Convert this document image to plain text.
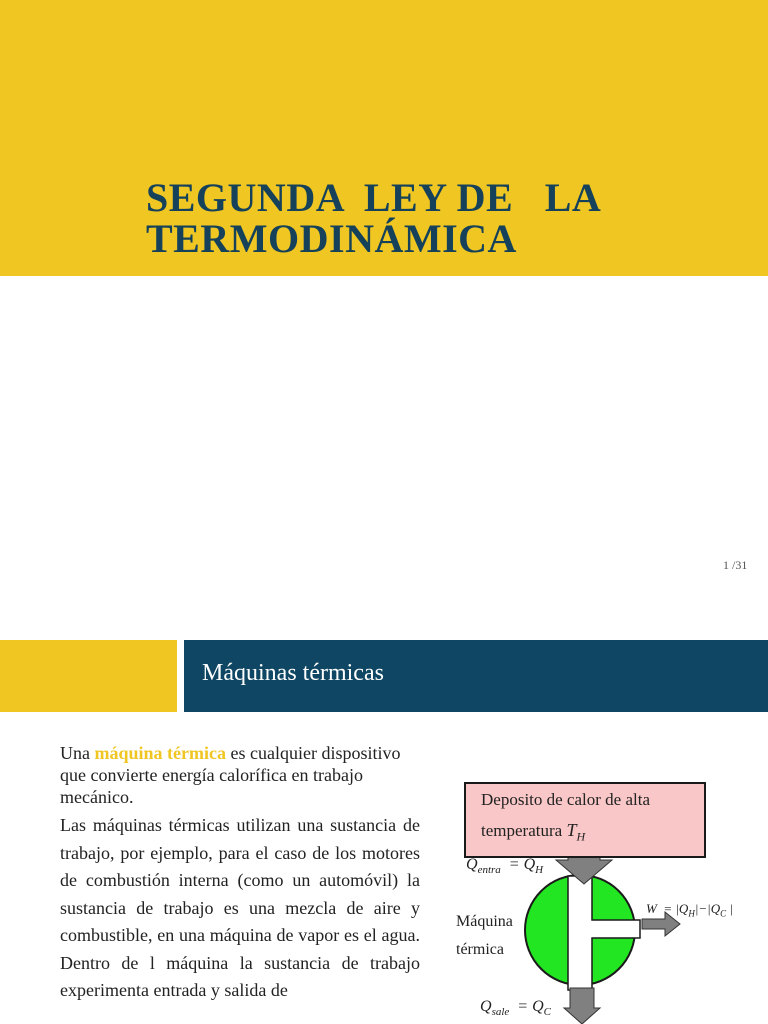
SEGUNDA  LEY DE   LA
TERMODINÁMICA
1 /31
Máquinas térmicas

Una máquina térmica es cualquier dispositivo que convierte energía calorífica en trabajo mecánico.

Las máquinas térmicas utilizan una sustancia de trabajo, por ejemplo, para el caso de los motores de combustión interna (como un automóvil) la sustancia de trabajo es una mezcla de aire y combustible, en una máquina de vapor es el agua. Dentro de l máquina la sustancia de trabajo experimenta entrada y salida de

Deposito de calor de alta
temperatura $T_H$
$Q_{entra} = Q_H$
Máquina
térmica
$W = |Q_H|-|Q_C$ |
$Q_{sale} = Q_C$
